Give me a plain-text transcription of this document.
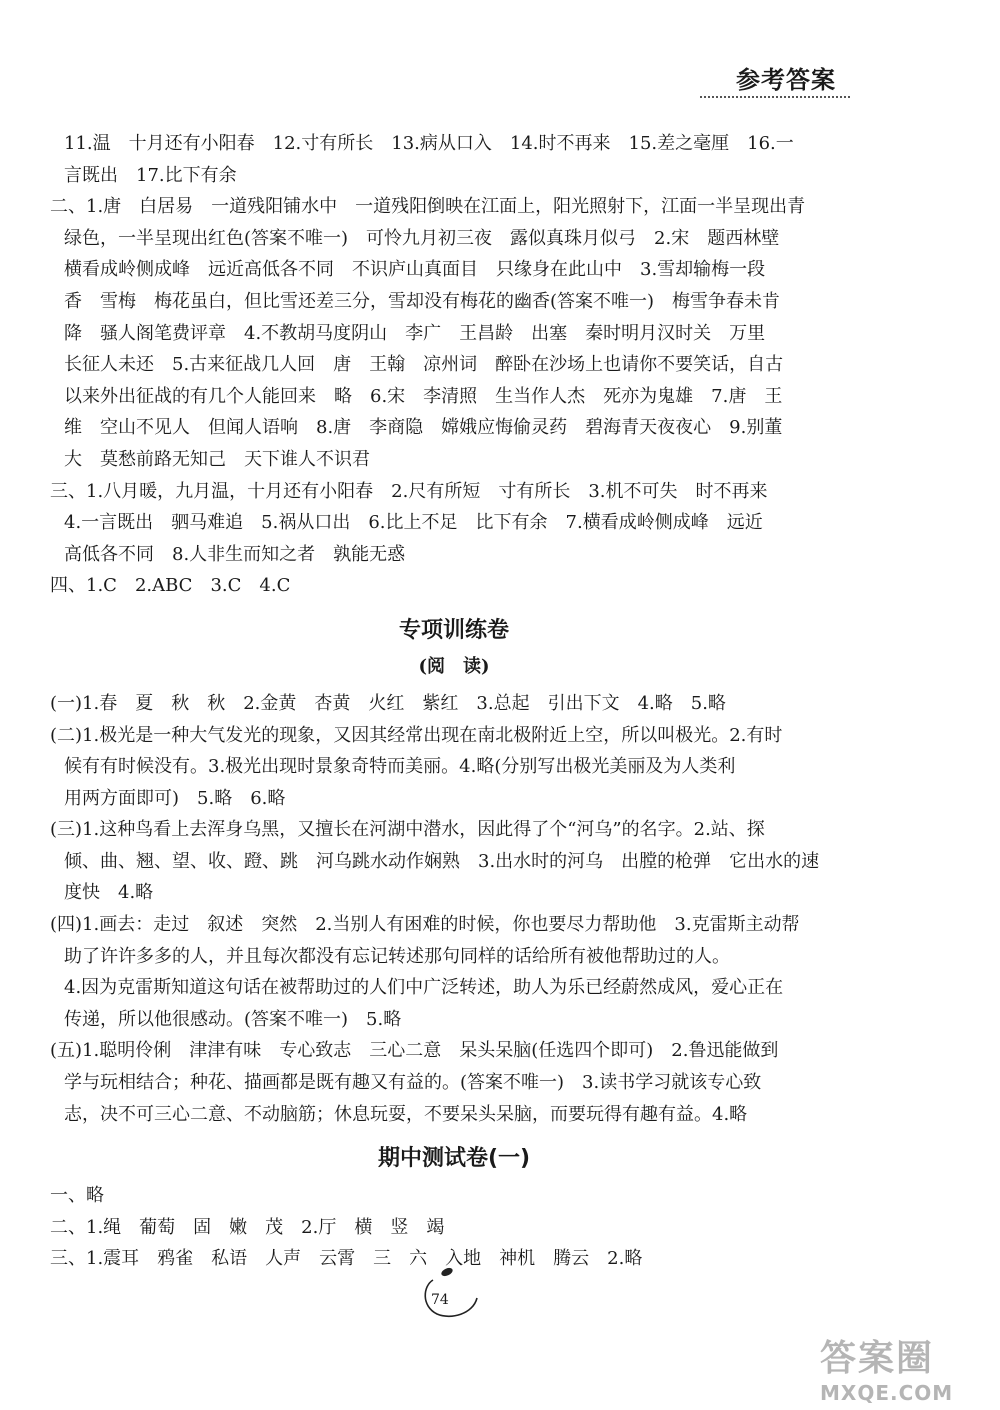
参考答案
11.温　十月还有小阳春　12.寸有所长　13.病从口入　14.时不再来　15.差之毫厘　16.一
言既出　17.比下有余
二、1.唐　白居易　一道残阳铺水中　一道残阳倒映在江面上，阳光照射下，江面一半呈现出青
绿色，一半呈现出红色(答案不唯一)　可怜九月初三夜　露似真珠月似弓　2.宋　题西林壁
横看成岭侧成峰　远近高低各不同　不识庐山真面目　只缘身在此山中　3.雪却输梅一段
香　雪梅　梅花虽白，但比雪还差三分，雪却没有梅花的幽香(答案不唯一)　梅雪争春未肯
降　骚人阁笔费评章　4.不教胡马度阴山　李广　王昌龄　出塞　秦时明月汉时关　万里
长征人未还　5.古来征战几人回　唐　王翰　凉州词　醉卧在沙场上也请你不要笑话，自古
以来外出征战的有几个人能回来　略　6.宋　李清照　生当作人杰　死亦为鬼雄　7.唐　王
维　空山不见人　但闻人语响　8.唐　李商隐　嫦娥应悔偷灵药　碧海青天夜夜心　9.别董
大　莫愁前路无知己　天下谁人不识君
三、1.八月暖，九月温，十月还有小阳春　2.尺有所短　寸有所长　3.机不可失　时不再来
4.一言既出　驷马难追　5.祸从口出　6.比上不足　比下有余　7.横看成岭侧成峰　远近
高低各不同　8.人非生而知之者　孰能无惑
四、1.C　2.ABC　3.C　4.C
专项训练卷
(阅　读)
(一)1.春　夏　秋　秋　2.金黄　杏黄　火红　紫红　3.总起　引出下文　4.略　5.略
(二)1.极光是一种大气发光的现象，又因其经常出现在南北极附近上空，所以叫极光。2.有时
候有有时候没有。3.极光出现时景象奇特而美丽。4.略(分别写出极光美丽及为人类利
用两方面即可)　5.略　6.略
(三)1.这种鸟看上去浑身乌黑，又擅长在河湖中潜水，因此得了个“河乌”的名字。2.站、探
倾、曲、翘、望、收、蹬、跳　河乌跳水动作娴熟　3.出水时的河乌　出膛的枪弹　它出水的速
度快　4.略
(四)1.画去：走过　叙述　突然　2.当别人有困难的时候，你也要尽力帮助他　3.克雷斯主动帮
助了许许多多的人，并且每次都没有忘记转述那句同样的话给所有被他帮助过的人。
4.因为克雷斯知道这句话在被帮助过的人们中广泛转述，助人为乐已经蔚然成风，爱心正在
传递，所以他很感动。(答案不唯一)　5.略
(五)1.聪明伶俐　津津有味　专心致志　三心二意　呆头呆脑(任选四个即可)　2.鲁迅能做到
学与玩相结合；种花、描画都是既有趣又有益的。(答案不唯一)　3.读书学习就该专心致
志，决不可三心二意、不动脑筋；休息玩耍，不要呆头呆脑，而要玩得有趣有益。4.略
期中测试卷(一)
一、略
二、1.绳　葡萄　固　嫩　茂　2.厅　横　竖　竭
三、1.震耳　鸦雀　私语　人声　云霄　三　六　入地　神机　腾云　2.略
74
答案圈
MXQE.COM
